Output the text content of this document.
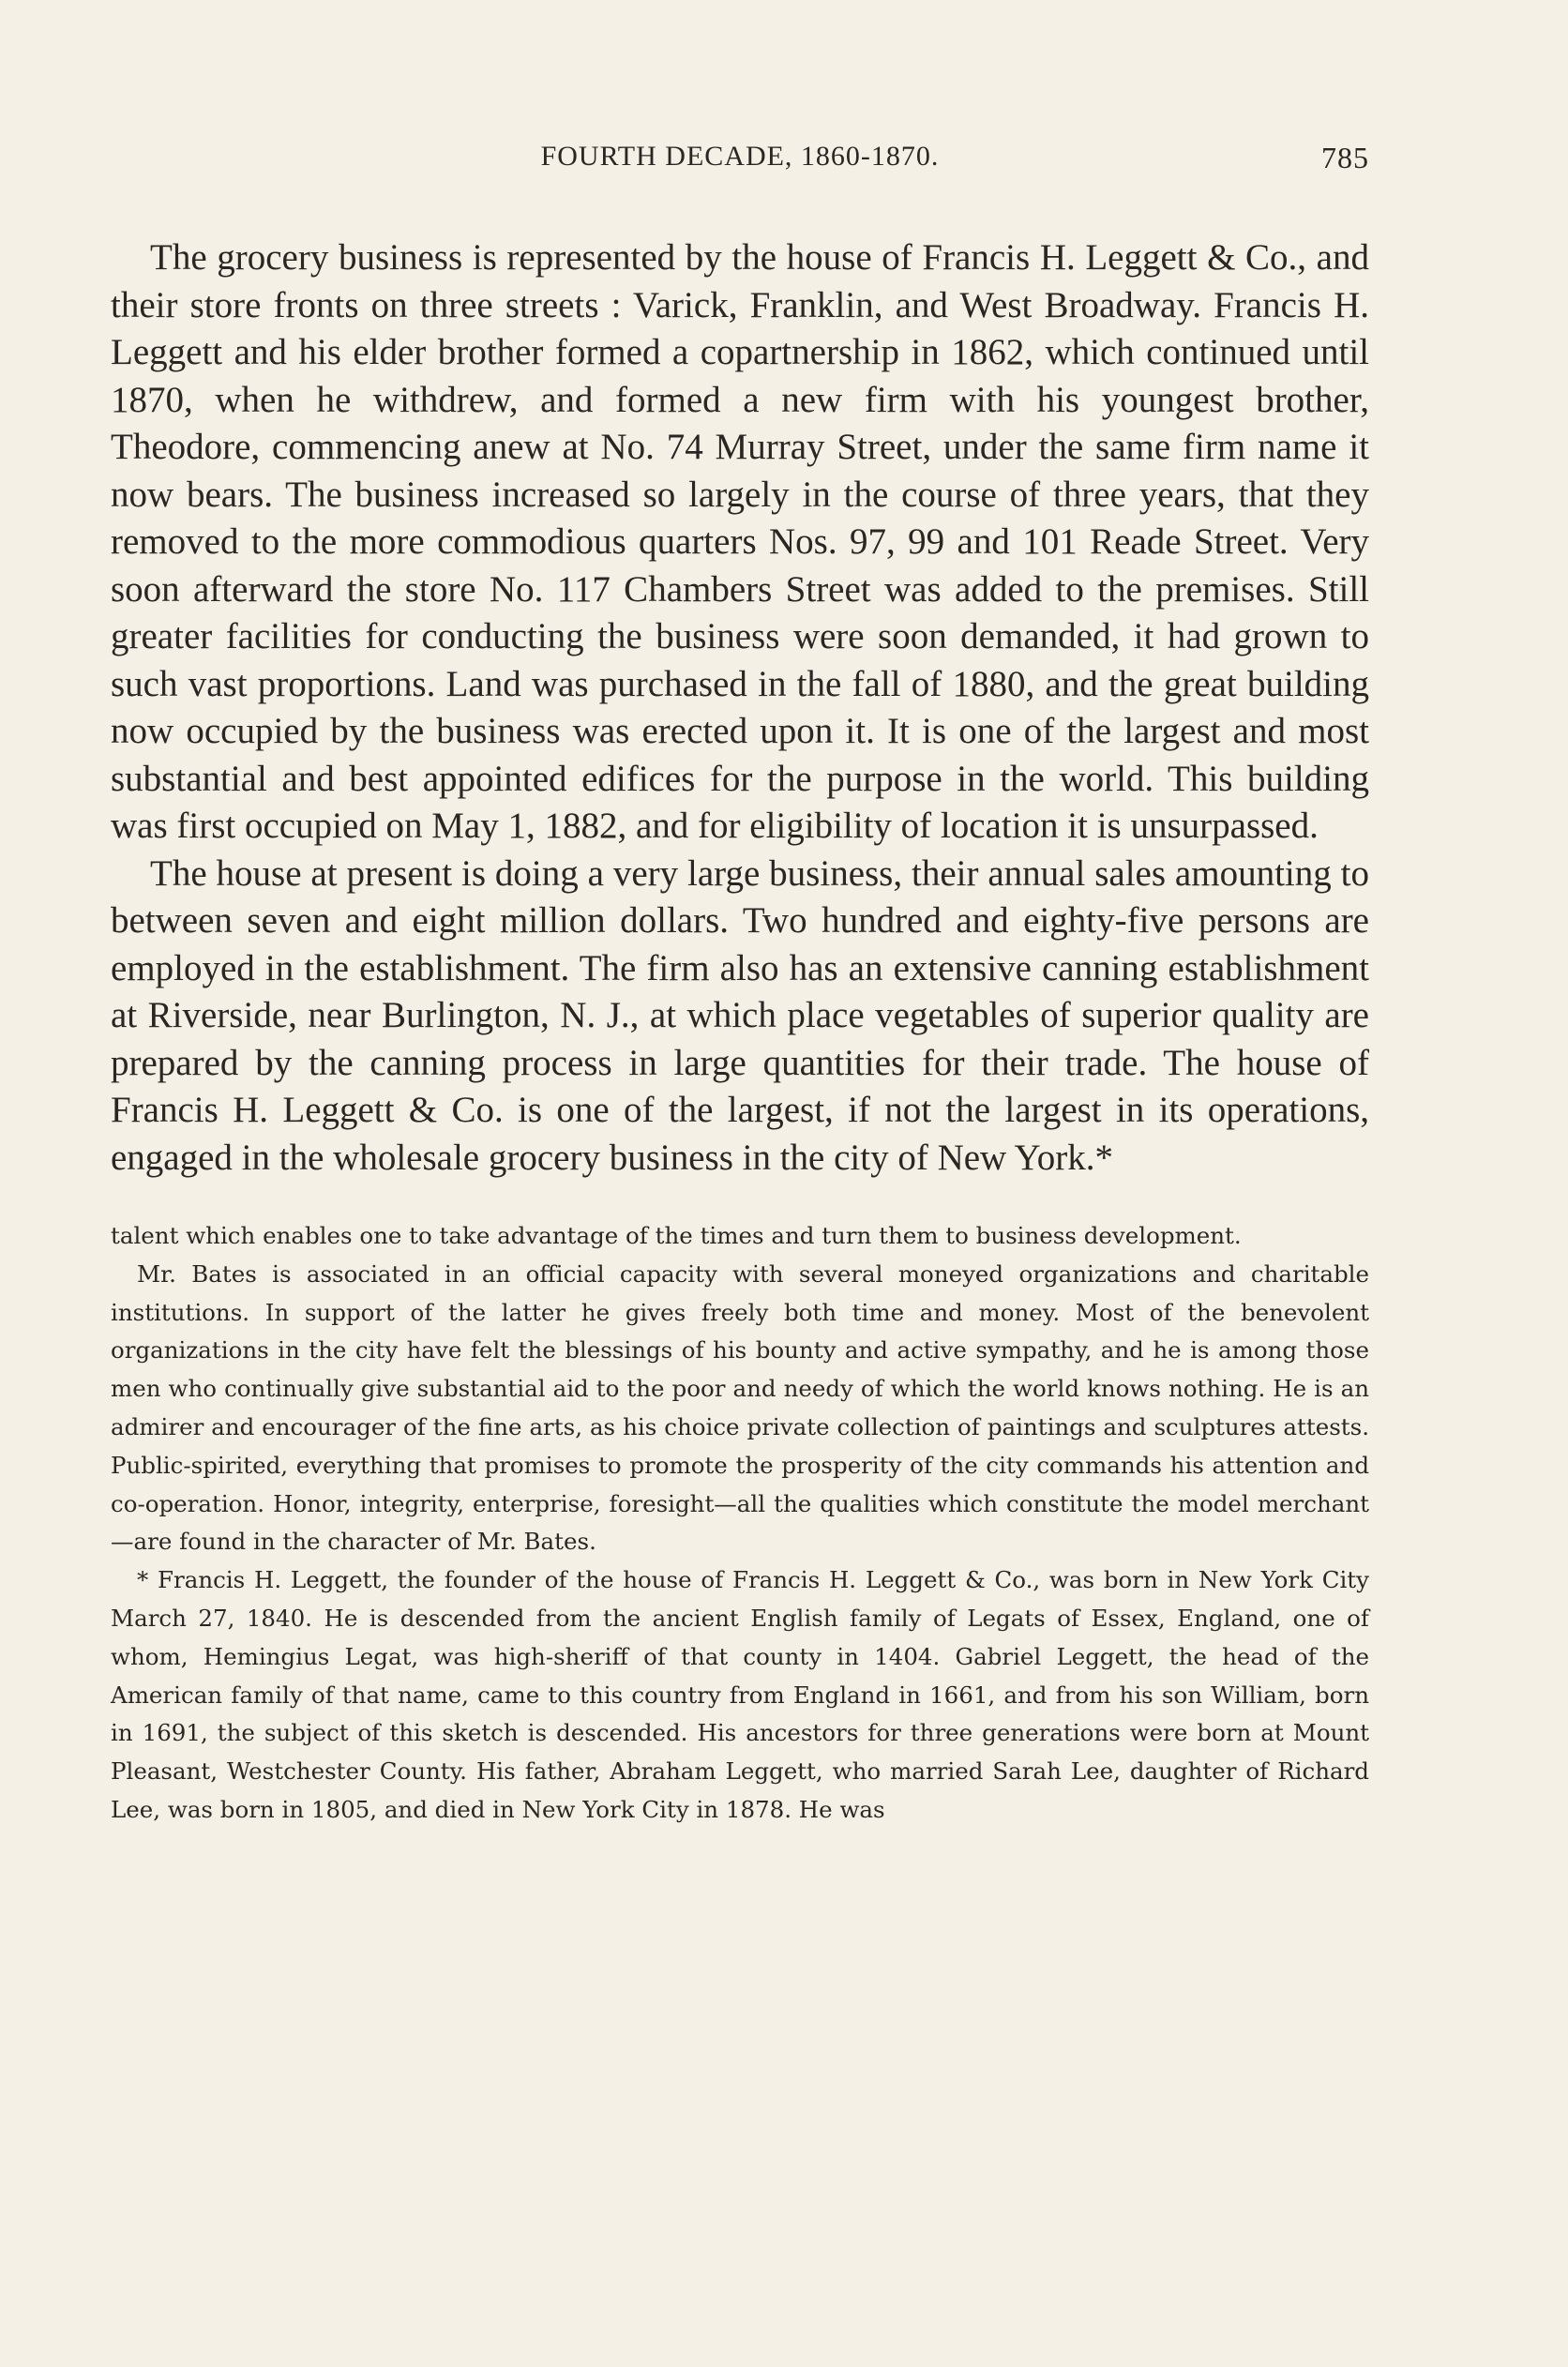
FOURTH DECADE, 1860-1870.	785

The grocery business is represented by the house of Francis H. Leggett & Co., and their store fronts on three streets : Varick, Franklin, and West Broadway. Francis H. Leggett and his elder brother formed a copartnership in 1862, which continued until 1870, when he withdrew, and formed a new firm with his youngest brother, Theodore, commencing anew at No. 74 Murray Street, under the same firm name it now bears. The business increased so largely in the course of three years, that they removed to the more commodious quarters Nos. 97, 99 and 101 Reade Street. Very soon afterward the store No. 117 Chambers Street was added to the premises. Still greater facilities for conducting the business were soon demanded, it had grown to such vast proportions. Land was purchased in the fall of 1880, and the great building now occupied by the business was erected upon it. It is one of the largest and most substantial and best appointed edifices for the purpose in the world. This building was first occupied on May 1, 1882, and for eligibility of location it is unsurpassed.

The house at present is doing a very large business, their annual sales amounting to between seven and eight million dollars. Two hundred and eighty-five persons are employed in the establishment. The firm also has an extensive canning establishment at Riverside, near Burlington, N. J., at which place vegetables of superior quality are prepared by the canning process in large quantities for their trade. The house of Francis H. Leggett & Co. is one of the largest, if not the largest in its operations, engaged in the wholesale grocery business in the city of New York.*

talent which enables one to take advantage of the times and turn them to business development.

Mr. Bates is associated in an official capacity with several moneyed organizations and charitable institutions. In support of the latter he gives freely both time and money. Most of the benevolent organizations in the city have felt the blessings of his bounty and active sympathy, and he is among those men who continually give substantial aid to the poor and needy of which the world knows nothing. He is an admirer and encourager of the fine arts, as his choice private collection of paintings and sculptures attests. Public-spirited, everything that promises to promote the prosperity of the city commands his attention and co-operation. Honor, integrity, enterprise, foresight—all the qualities which constitute the model merchant—are found in the character of Mr. Bates.

* Francis H. Leggett, the founder of the house of Francis H. Leggett & Co., was born in New York City March 27, 1840. He is descended from the ancient English family of Legats of Essex, England, one of whom, Hemingius Legat, was high-sheriff of that county in 1404. Gabriel Leggett, the head of the American family of that name, came to this country from England in 1661, and from his son William, born in 1691, the subject of this sketch is descended. His ancestors for three generations were born at Mount Pleasant, Westchester County. His father, Abraham Leggett, who married Sarah Lee, daughter of Richard Lee, was born in 1805, and died in New York City in 1878. He was
